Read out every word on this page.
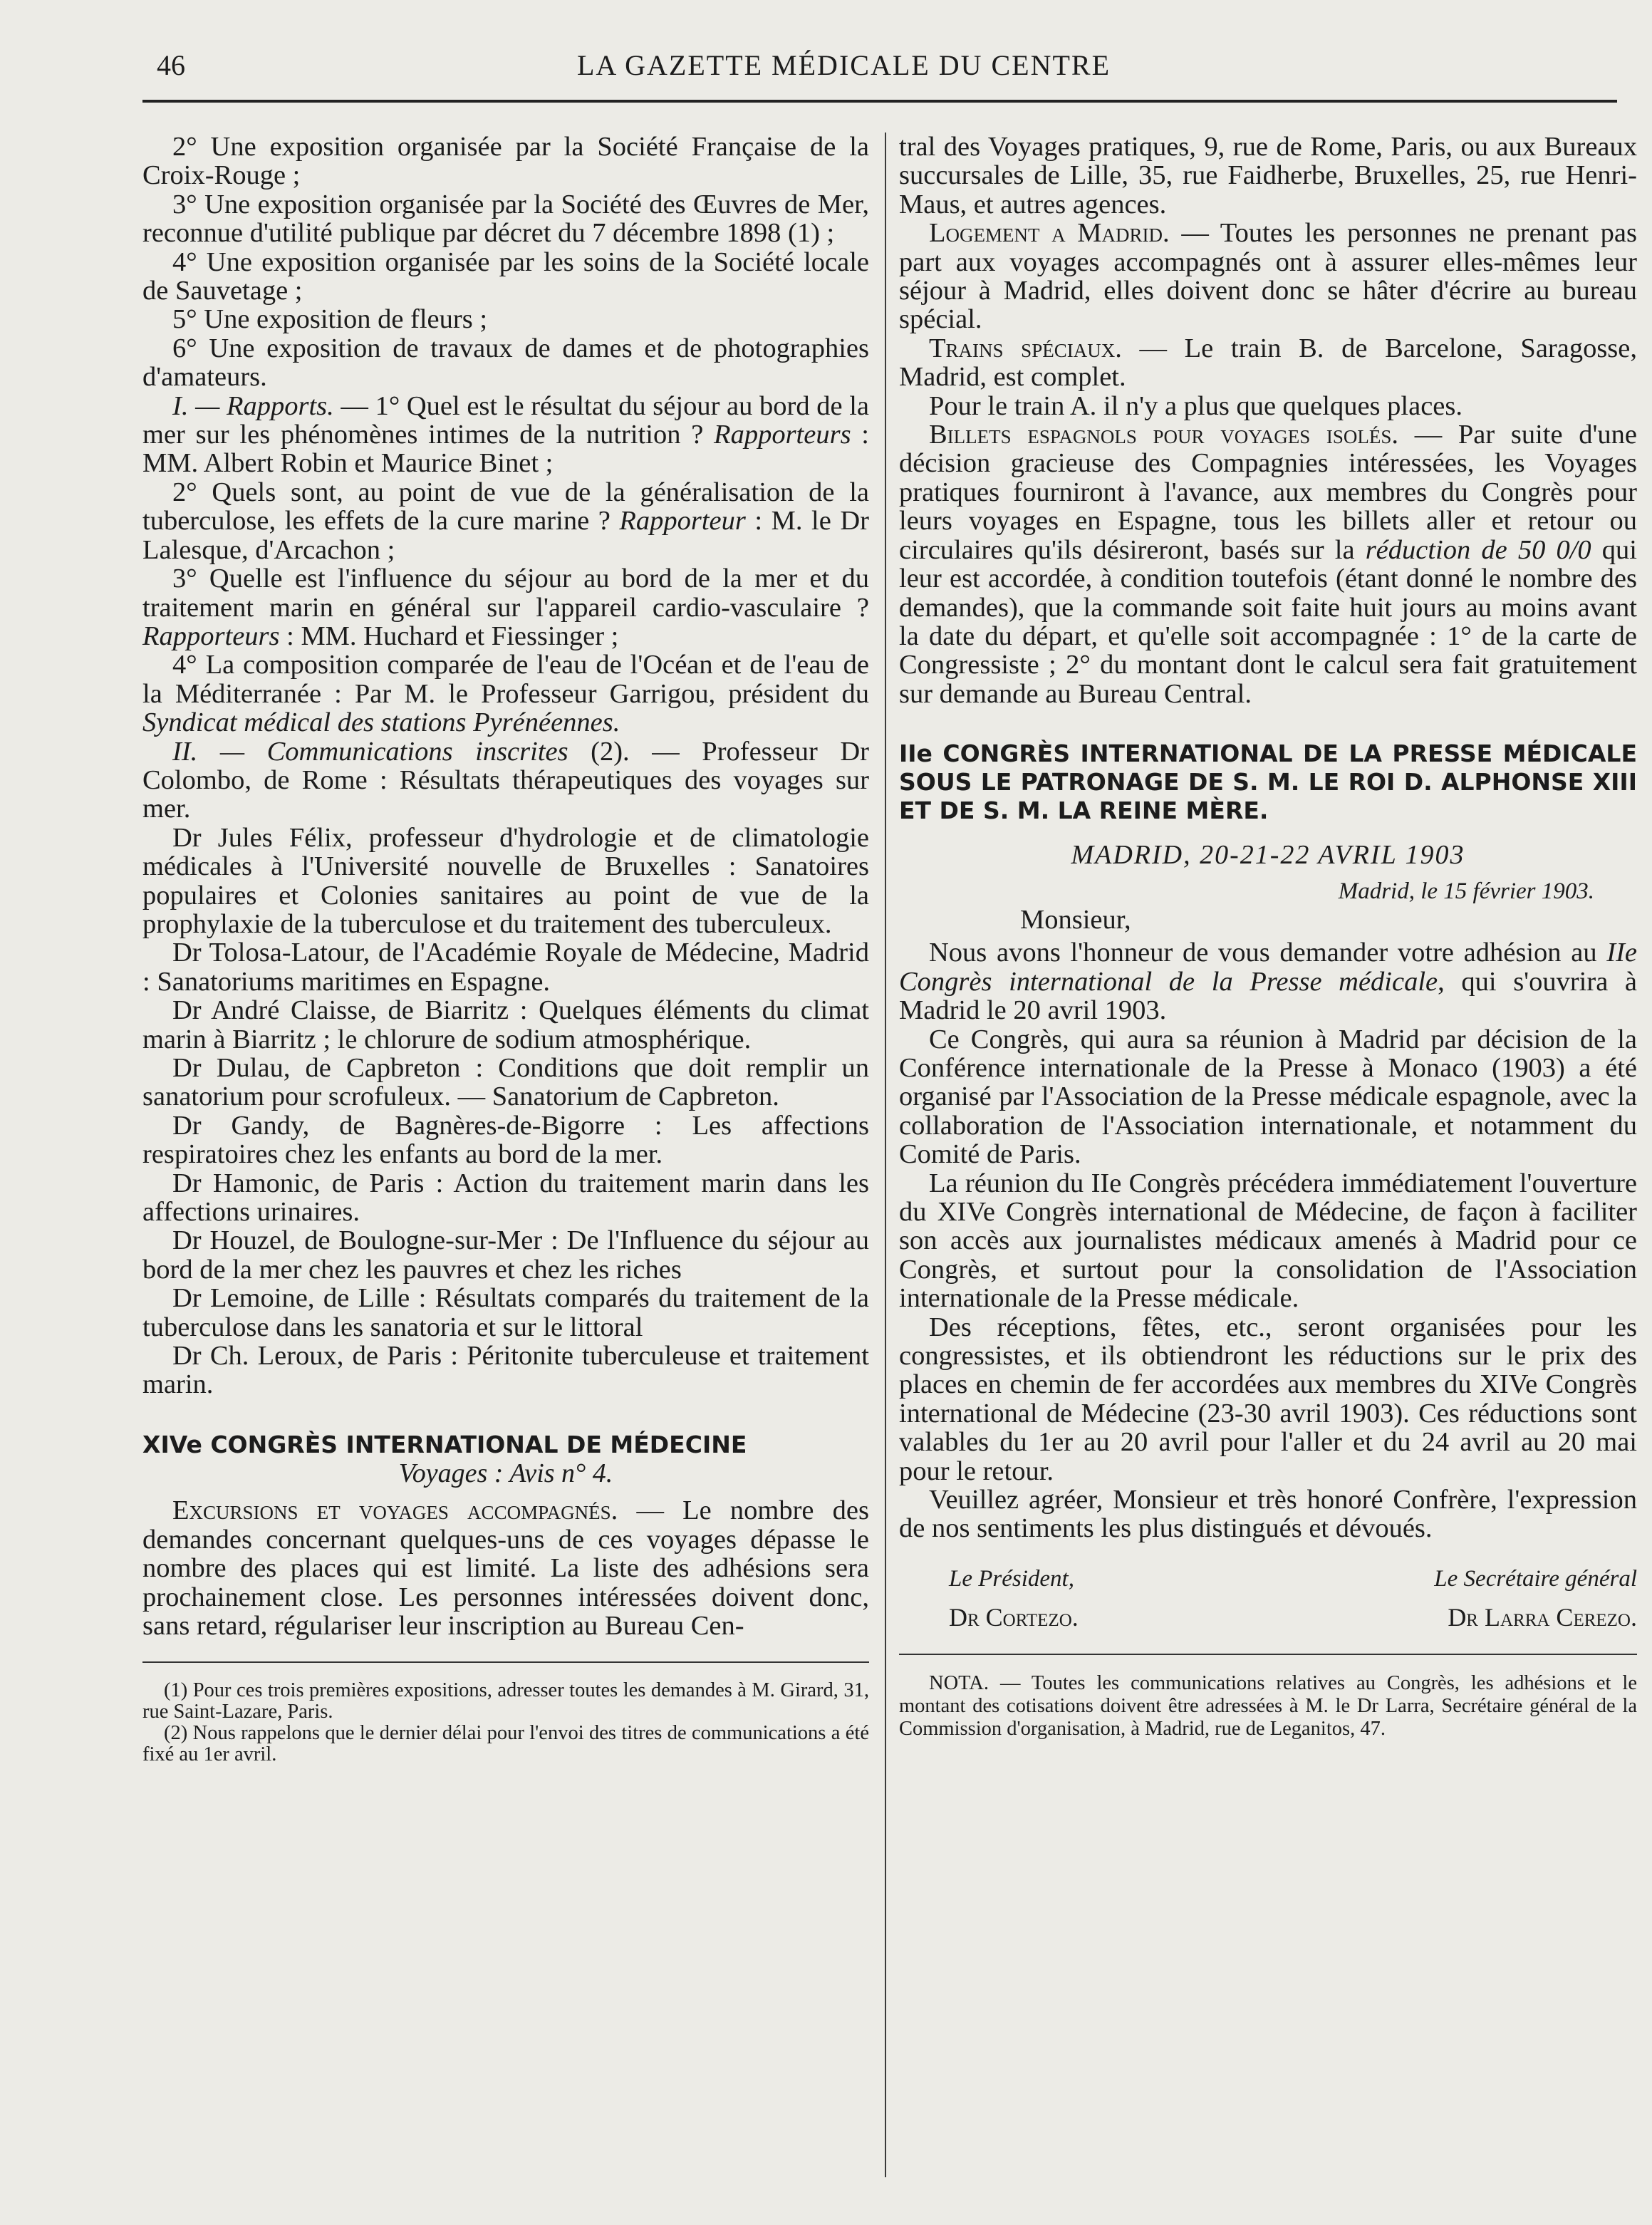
46	LA GAZETTE MÉDICALE DU CENTRE

2° Une exposition organisée par la Société Française de la Croix-Rouge ;

3° Une exposition organisée par la Société des Œuvres de Mer, reconnue d'utilité publique par décret du 7 décembre 1898 (1) ;

4° Une exposition organisée par les soins de la Société locale de Sauvetage ;

5° Une exposition de fleurs ;

6° Une exposition de travaux de dames et de photographies d'amateurs.

I. — Rapports. — 1° Quel est le résultat du séjour au bord de la mer sur les phénomènes intimes de la nutrition ? Rapporteurs : MM. Albert Robin et Maurice Binet ;

2° Quels sont, au point de vue de la généralisation de la tuberculose, les effets de la cure marine ? Rapporteur : M. le Dr Lalesque, d'Arcachon ;

3° Quelle est l'influence du séjour au bord de la mer et du traitement marin en général sur l'appareil cardio-vasculaire ? Rapporteurs : MM. Huchard et Fiessinger ;

4° La composition comparée de l'eau de l'Océan et de l'eau de la Méditerranée : Par M. le Professeur Garrigou, président du Syndicat médical des stations Pyrénéennes.

II. — Communications inscrites (2). — Professeur Dr Colombo, de Rome : Résultats thérapeutiques des voyages sur mer.

Dr Jules Félix, professeur d'hydrologie et de climatologie médicales à l'Université nouvelle de Bruxelles : Sanatoires populaires et Colonies sanitaires au point de vue de la prophylaxie de la tuberculose et du traitement des tuberculeux.

Dr Tolosa-Latour, de l'Académie Royale de Médecine, Madrid : Sanatoriums maritimes en Espagne.

Dr André Claisse, de Biarritz : Quelques éléments du climat marin à Biarritz ; le chlorure de sodium atmosphérique.

Dr Dulau, de Capbreton : Conditions que doit remplir un sanatorium pour scrofuleux. — Sanatorium de Capbreton.

Dr Gandy, de Bagnères-de-Bigorre : Les affections respiratoires chez les enfants au bord de la mer.

Dr Hamonic, de Paris : Action du traitement marin dans les affections urinaires.

Dr Houzel, de Boulogne-sur-Mer : De l'Influence du séjour au bord de la mer chez les pauvres et chez les riches

Dr Lemoine, de Lille : Résultats comparés du traitement de la tuberculose dans les sanatoria et sur le littoral

Dr Ch. Leroux, de Paris : Péritonite tuberculeuse et traitement marin.

XIVe CONGRÈS INTERNATIONAL DE MÉDECINE

Voyages : Avis n° 4.

Excursions et voyages accompagnés. — Le nombre des demandes concernant quelques-uns de ces voyages dépasse le nombre des places qui est limité. La liste des adhésions sera prochainement close. Les personnes intéressées doivent donc, sans retard, régulariser leur inscription au Bureau Cen-

(1) Pour ces trois premières expositions, adresser toutes les demandes à M. Girard, 31, rue Saint-Lazare, Paris.

(2) Nous rappelons que le dernier délai pour l'envoi des titres de communications a été fixé au 1er avril.

tral des Voyages pratiques, 9, rue de Rome, Paris, ou aux Bureaux succursales de Lille, 35, rue Faidherbe, Bruxelles, 25, rue Henri-Maus, et autres agences.

Logement a Madrid. — Toutes les personnes ne prenant pas part aux voyages accompagnés ont à assurer elles-mêmes leur séjour à Madrid, elles doivent donc se hâter d'écrire au bureau spécial.

Trains spéciaux. — Le train B. de Barcelone, Saragosse, Madrid, est complet.

Pour le train A. il n'y a plus que quelques places.

Billets espagnols pour voyages isolés. — Par suite d'une décision gracieuse des Compagnies intéressées, les Voyages pratiques fourniront à l'avance, aux membres du Congrès pour leurs voyages en Espagne, tous les billets aller et retour ou circulaires qu'ils désireront, basés sur la réduction de 50 0/0 qui leur est accordée, à condition toutefois (étant donné le nombre des demandes), que la commande soit faite huit jours au moins avant la date du départ, et qu'elle soit accompagnée : 1° de la carte de Congressiste ; 2° du montant dont le calcul sera fait gratuitement sur demande au Bureau Central.

IIe CONGRÈS INTERNATIONAL DE LA PRESSE MÉDICALE SOUS LE PATRONAGE DE S. M. LE ROI D. ALPHONSE XIII ET DE S. M. LA REINE MÈRE.

MADRID, 20-21-22 AVRIL 1903

Madrid, le 15 février 1903.

Monsieur,

Nous avons l'honneur de vous demander votre adhésion au IIe Congrès international de la Presse médicale, qui s'ouvrira à Madrid le 20 avril 1903.

Ce Congrès, qui aura sa réunion à Madrid par décision de la Conférence internationale de la Presse à Monaco (1903) a été organisé par l'Association de la Presse médicale espagnole, avec la collaboration de l'Association internationale, et notamment du Comité de Paris.

La réunion du IIe Congrès précédera immédiatement l'ouverture du XIVe Congrès international de Médecine, de façon à faciliter son accès aux journalistes médicaux amenés à Madrid pour ce Congrès, et surtout pour la consolidation de l'Association internationale de la Presse médicale.

Des réceptions, fêtes, etc., seront organisées pour les congressistes, et ils obtiendront les réductions sur le prix des places en chemin de fer accordées aux membres du XIVe Congrès international de Médecine (23-30 avril 1903). Ces réductions sont valables du 1er au 20 avril pour l'aller et du 24 avril au 20 mai pour le retour.

Veuillez agréer, Monsieur et très honoré Confrère, l'expression de nos sentiments les plus distingués et dévoués.

Le Président,	Le Secrétaire général
Dr Cortezo.	Dr Larra Cerezo.

NOTA. — Toutes les communications relatives au Congrès, les adhésions et le montant des cotisations doivent être adressées à M. le Dr Larra, Secrétaire général de la Commission d'organisation, à Madrid, rue de Leganitos, 47.
